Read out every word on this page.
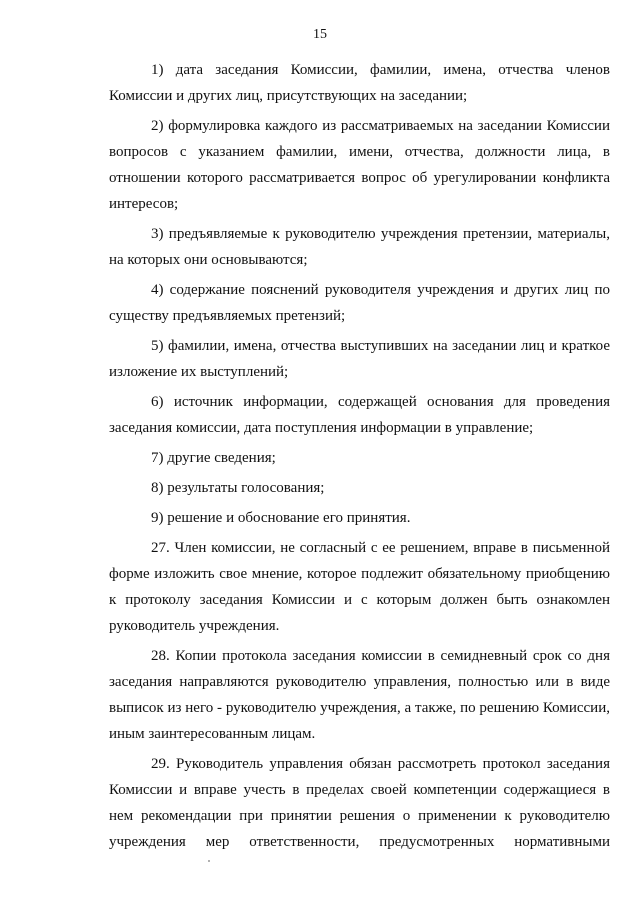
15

1) дата заседания Комиссии, фамилии, имена, отчества членов Комиссии и других лиц, присутствующих на заседании;

2) формулировка каждого из рассматриваемых на заседании Комиссии вопросов с указанием фамилии, имени, отчества, должности лица, в отношении которого рассматривается вопрос об урегулировании конфликта интересов;

3) предъявляемые к руководителю учреждения претензии, материалы, на которых они основываются;

4) содержание пояснений руководителя учреждения и других лиц по существу предъявляемых претензий;

5) фамилии, имена, отчества выступивших на заседании лиц и краткое изложение их выступлений;

6) источник информации, содержащей основания для проведения заседания комиссии, дата поступления информации в управление;

7) другие сведения;

8) результаты голосования;

9) решение и обоснование его принятия.

27. Член комиссии, не согласный с ее решением, вправе в письменной форме изложить свое мнение, которое подлежит обязательному приобщению к протоколу заседания Комиссии и с которым должен быть ознакомлен руководитель учреждения.

28. Копии протокола заседания комиссии в семидневный срок со дня заседания направляются руководителю управления, полностью или в виде выписок из него - руководителю учреждения, а также, по решению Комиссии, иным заинтересованным лицам.

29. Руководитель управления обязан рассмотреть протокол заседания Комиссии и вправе учесть в пределах своей компетенции содержащиеся в нем рекомендации при принятии решения о применении к руководителю учреждения мер ответственности, предусмотренных нормативными
